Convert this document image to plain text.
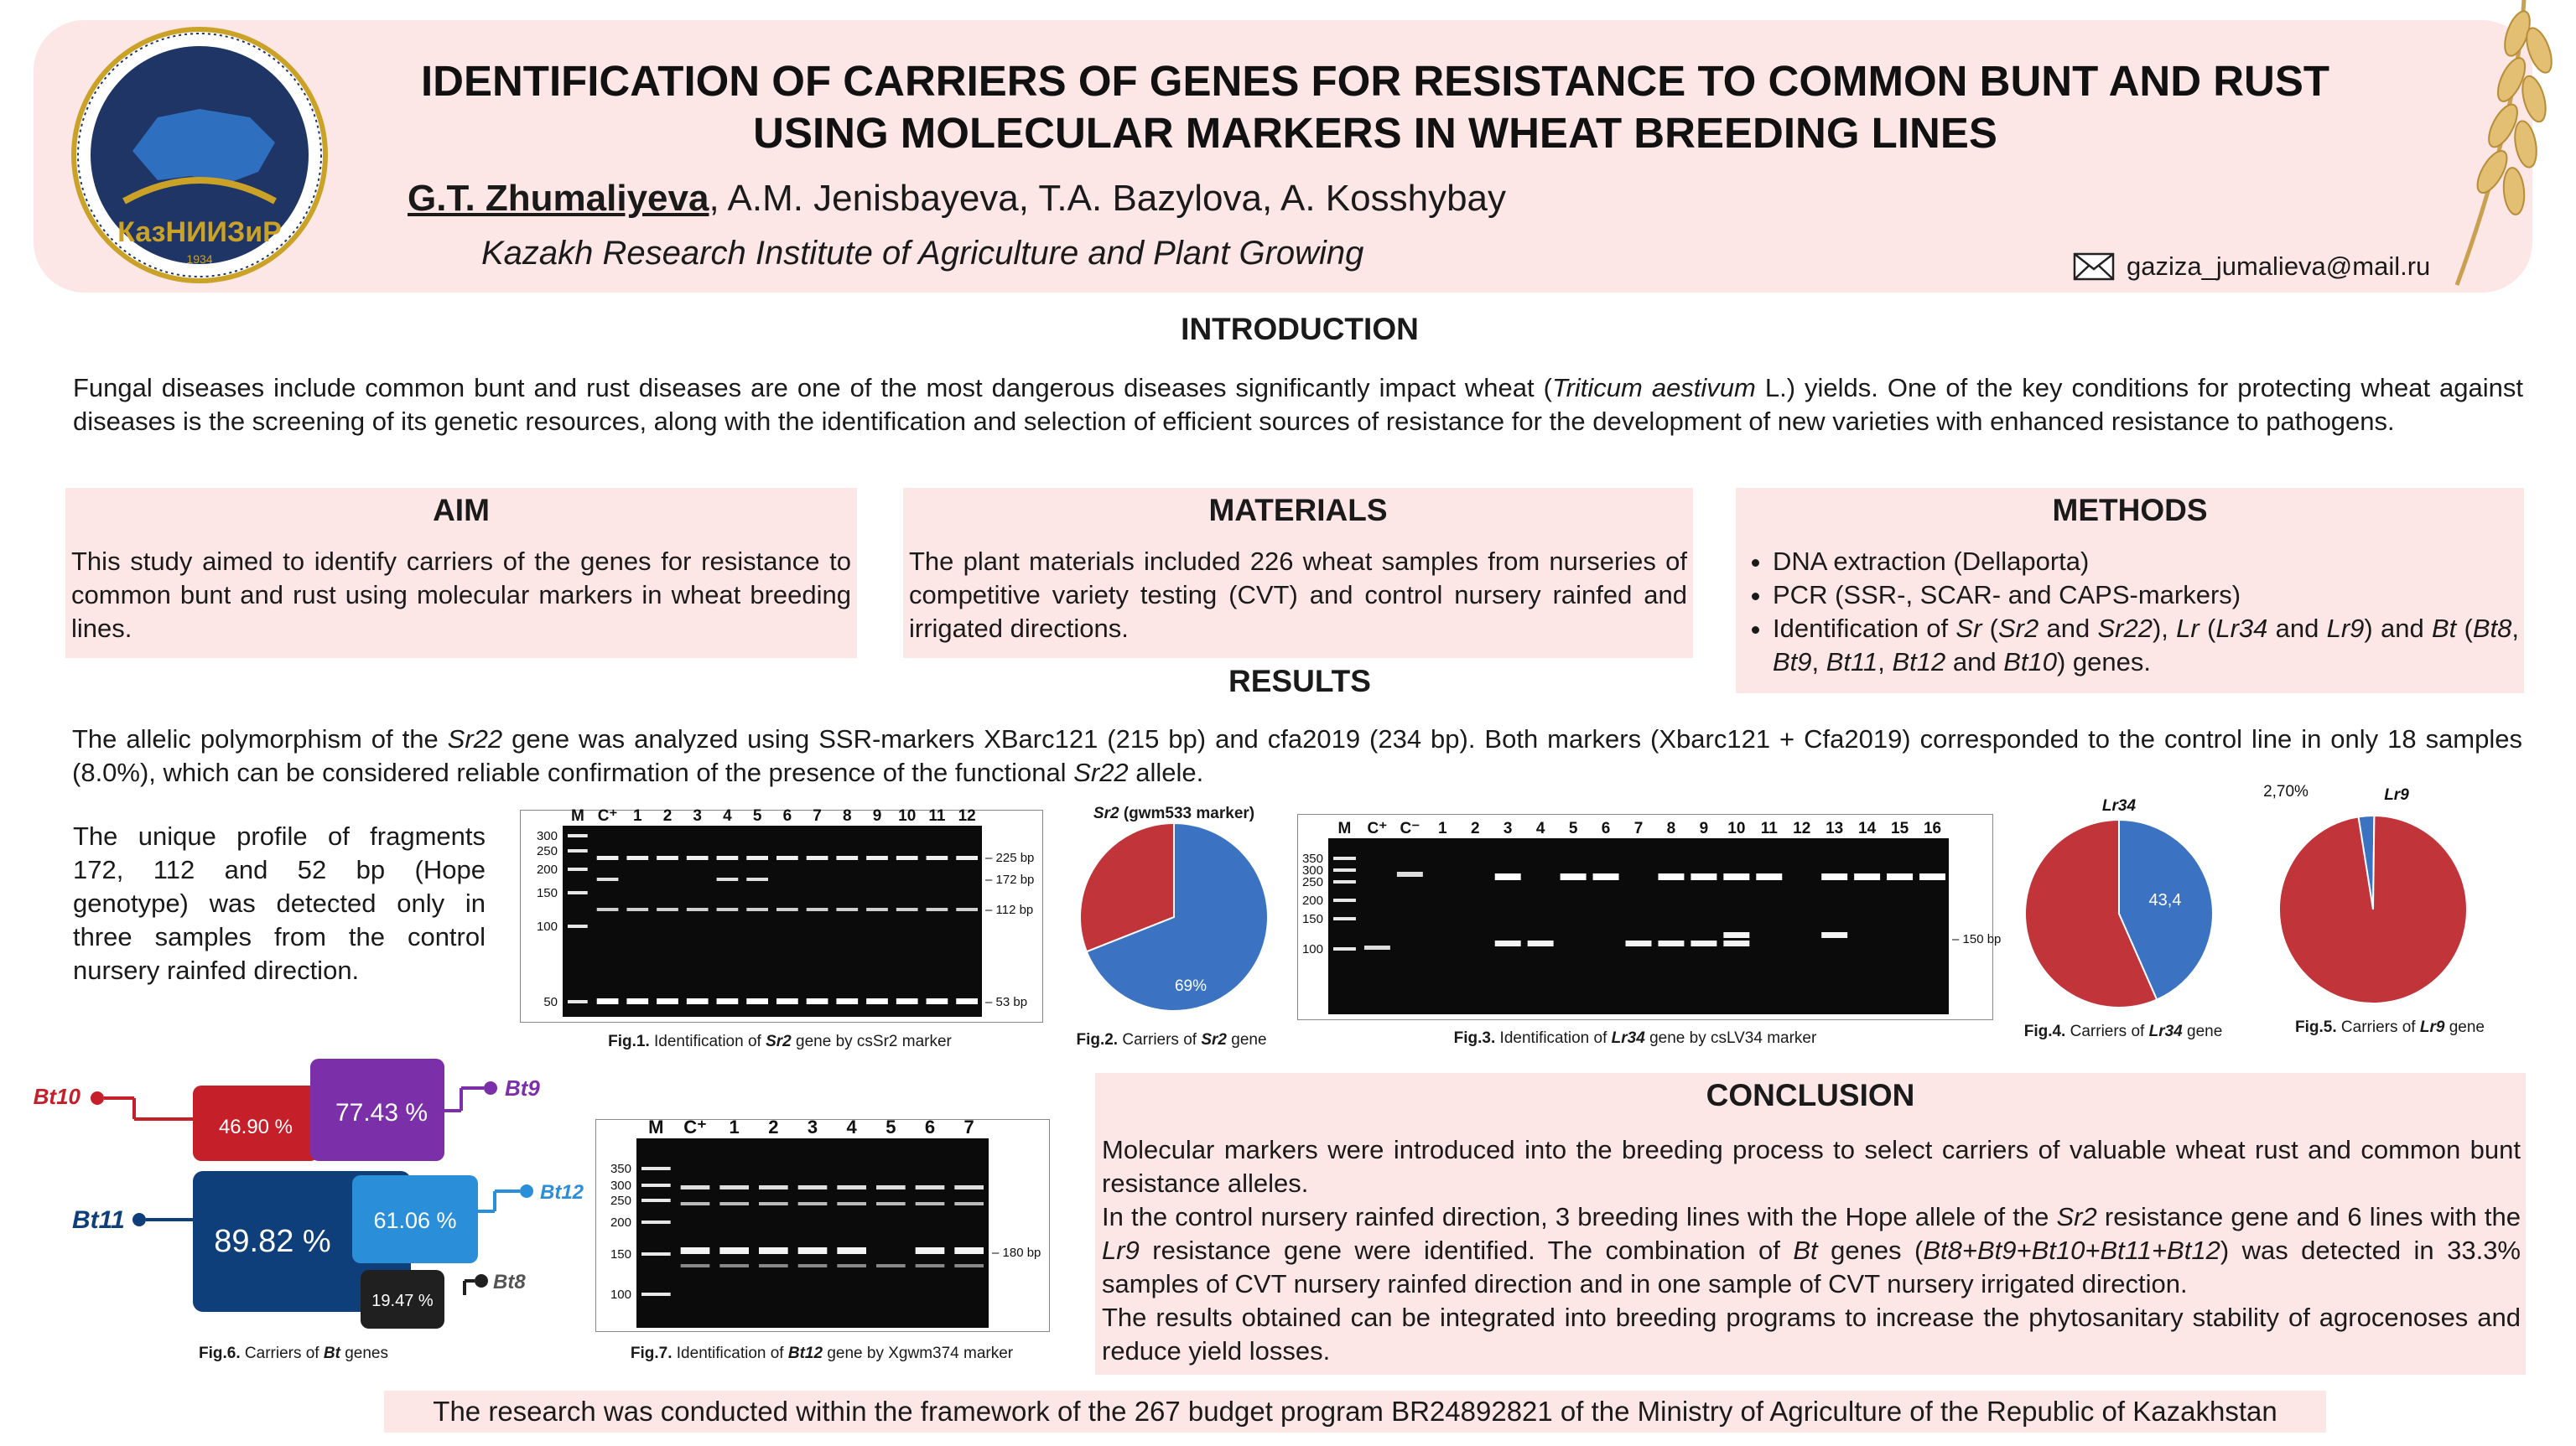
КазНИИЗиР
1934
IDENTIFICATION OF CARRIERS OF GENES FOR RESISTANCE TO COMMON BUNT AND RUST
USING MOLECULAR MARKERS IN WHEAT BREEDING LINES
G.T. Zhumaliyeva, A.M. Jenisbayeva, T.A. Bazylova, A. Kosshybay
Kazakh Research Institute of Agriculture and Plant Growing	gaziza_jumalieva@mail.ru
INTRODUCTION
Fungal diseases include common bunt and rust diseases are one of the most dangerous diseases significantly impact wheat (Triticum aestivum L.) yields. One of the key conditions for protecting wheat against diseases is the screening of its genetic resources, along with the identification and selection of efficient sources of resistance for the development of new varieties with enhanced resistance to pathogens.
AIM
This study aimed to identify carriers of the genes for resistance to common bunt and rust using molecular markers in wheat breeding lines.
MATERIALS
The plant materials included 226 wheat samples from nurseries of competitive variety testing (CVT) and control nursery rainfed and irrigated directions.
METHODS
• DNA extraction (Dellaporta)
• PCR (SSR-, SCAR- and CAPS-markers)
• Identification of Sr (Sr2 and Sr22), Lr (Lr34 and Lr9) and Bt (Bt8, Bt9, Bt11, Bt12 and Bt10) genes.
RESULTS
The allelic polymorphism of the Sr22 gene was analyzed using SSR-markers XBarc121 (215 bp) and cfa2019 (234 bp). Both markers (Xbarc121 + Cfa2019) corresponded to the control line in only 18 samples (8.0%), which can be considered reliable confirmation of the presence of the functional Sr22 allele.
The unique profile of fragments 172, 112 and 52 bp (Hope genotype) was detected only in three samples from the control nursery rainfed direction.
M C⁺ 1 2 3 4 5 6 7 8 9 10 11 12
300
250
200
150
100
50
– 225 bp
– 172 bp
– 112 bp
– 53 bp
Fig.1. Identification of Sr2 gene by csSr2 marker
Sr2 (gwm533 marker)
69%
Fig.2. Carriers of Sr2 gene
M C⁺ C⁻ 1 2 3 4 5 6 7 8 9 10 11 12 13 14 15 16
350
300
250
200
150
100
– 150 bp
Fig.3. Identification of Lr34 gene by csLV34 marker
Lr34
43,4
Fig.4. Carriers of Lr34 gene
Lr9
2,70%
Fig.5. Carriers of Lr9 gene
46.90 %
77.43 %
89.82 %
61.06 %
19.47 %
Bt10	Bt9
Bt11
Bt12
Bt8
Fig.6. Carriers of Bt genes
M C⁺ 1 2 3 4 5 6 7
350
300
250
200
150
100
– 180 bp
Fig.7. Identification of Bt12 gene by Xgwm374 marker
CONCLUSION
Molecular markers were introduced into the breeding process to select carriers of valuable wheat rust and common bunt resistance alleles.
In the control nursery rainfed direction, 3 breeding lines with the Hope allele of the Sr2 resistance gene and 6 lines with the Lr9 resistance gene were identified. The combination of Bt genes (Bt8+Bt9+Bt10+Bt11+Bt12) was detected in 33.3% samples of CVT nursery rainfed direction and in one sample of CVT nursery irrigated direction.
The results obtained can be integrated into breeding programs to increase the phytosanitary stability of agrocenoses and reduce yield losses.
The research was conducted within the framework of the 267 budget program BR24892821 of the Ministry of Agriculture of the Republic of Kazakhstan
